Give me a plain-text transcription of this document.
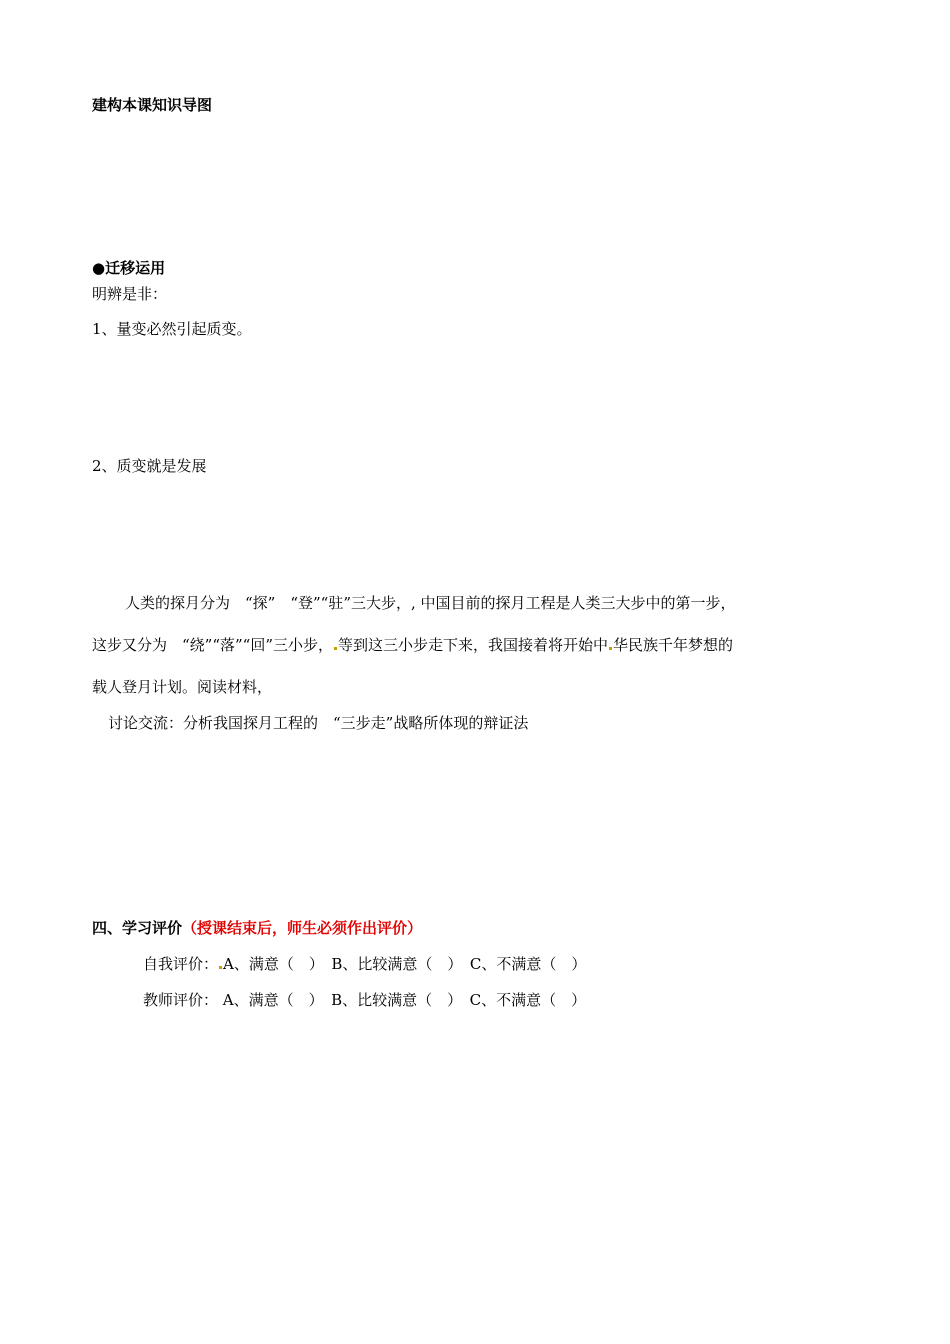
建构本课知识导图
●迁移运用
明辨是非：
1、量变必然引起质变。
2、质变就是发展
人类的探月分为　“探”　“登”“驻”三大步，, 中国目前的探月工程是人类三大步中的第一步，
这步又分为　“绕”“落”“回”三小步， 等到这三小步走下来，我国接着将开始中 华民族千年梦想的
载人登月计划。阅读材料，
讨论交流：分析我国探月工程的　“三步走”战略所体现的辩证法
四、学习评价（授课结束后，师生必须作出评价）
自我评价： A、满意（　）　B、比较满意（　）　C、不满意（　）
教师评价： A、满意（　）　B、比较满意（　）　C、不满意（　）
